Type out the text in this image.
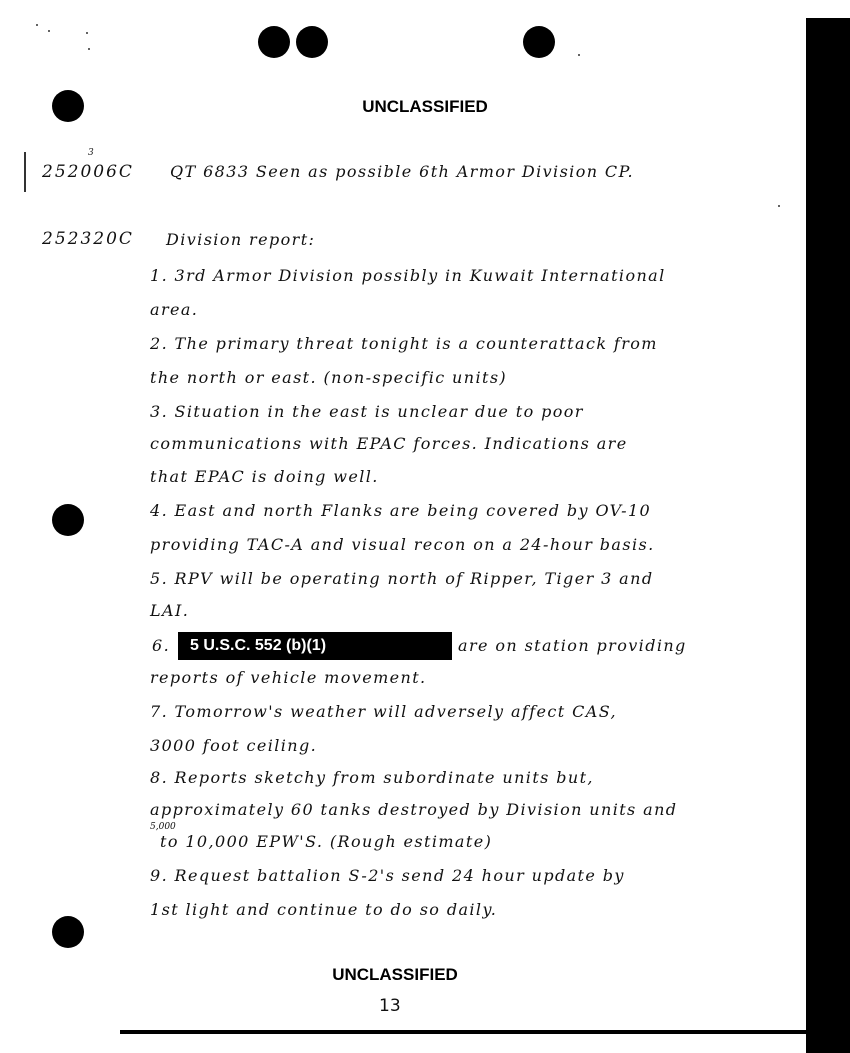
UNCLASSIFIED
UNCLASSIFIED
252006C
3
QT 6833 Seen as possible 6th Armor Division CP.
252320C Division report:
1. 3rd Armor Division possibly in Kuwait International
area.
2. The primary threat tonight is a counterattack from
the north or east. (non-specific units)
3. Situation in the east is unclear due to poor
communications with EPAC forces. Indications are
that EPAC is doing well.
4. East and north Flanks are being covered by OV-10
providing TAC-A and visual recon on a 24-hour basis.
5. RPV will be operating north of Ripper, Tiger 3 and
LAI.
6.	5 U.S.C. 552 (b)(1)	are on station providing
reports of vehicle movement.
7. Tomorrow's weather will adversely affect CAS,
3000 foot ceiling.
8. Reports sketchy from subordinate units but,
approximately 60 tanks destroyed by Division units and
5,000
to 10,000 EPW'S. (Rough estimate)
9. Request battalion S-2's send 24 hour update by
1st light and continue to do so daily.
13
